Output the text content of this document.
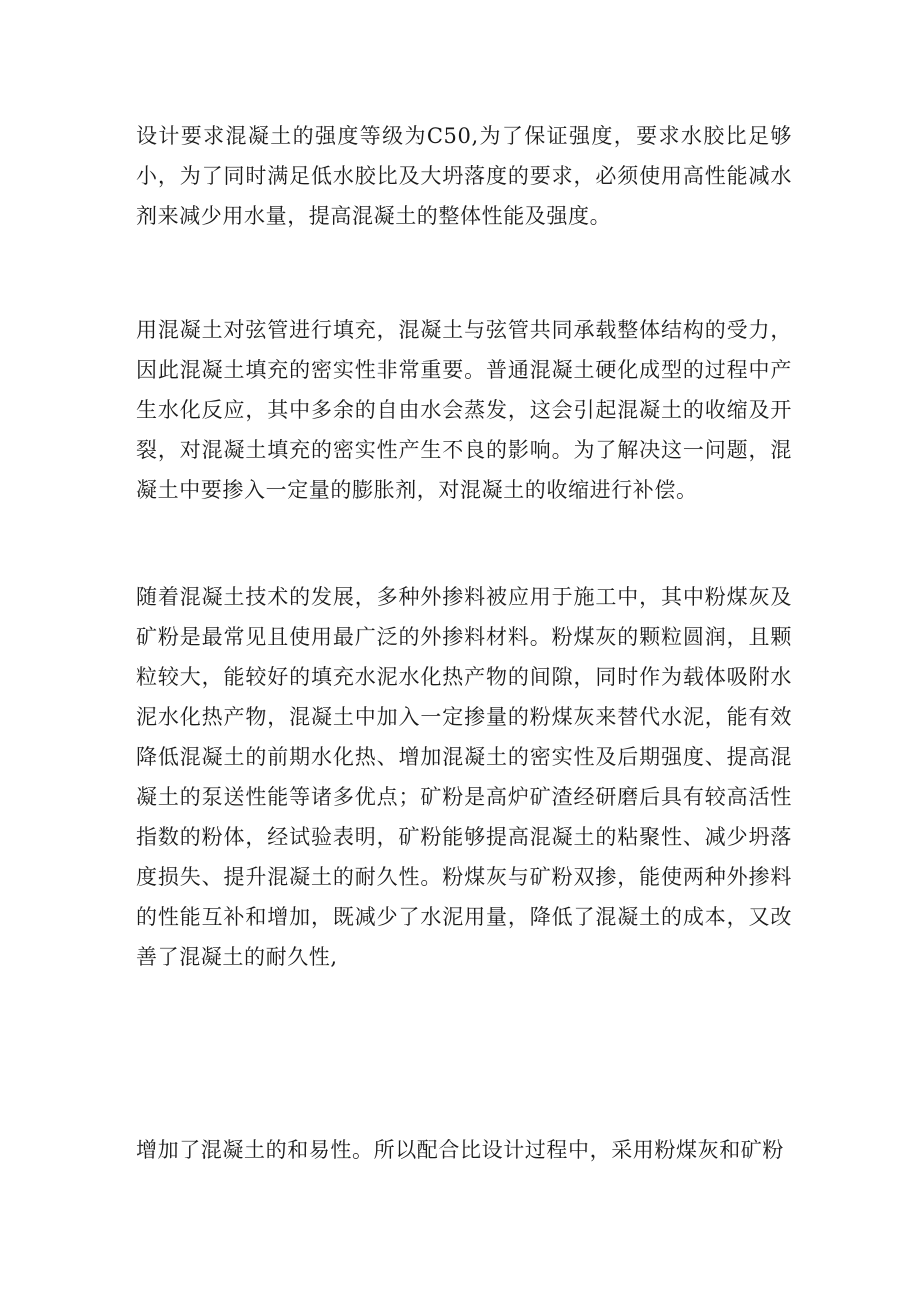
设计要求混凝土的强度等级为C50,为了保证强度，要求水胶比足够小，为了同时满足低水胶比及大坍落度的要求，必须使用高性能减水剂来减少用水量，提高混凝土的整体性能及强度。

用混凝土对弦管进行填充，混凝土与弦管共同承载整体结构的受力，因此混凝土填充的密实性非常重要。普通混凝土硬化成型的过程中产生水化反应，其中多余的自由水会蒸发，这会引起混凝土的收缩及开裂，对混凝土填充的密实性产生不良的影响。为了解决这一问题，混凝土中要掺入一定量的膨胀剂，对混凝土的收缩进行补偿。

随着混凝土技术的发展，多种外掺料被应用于施工中，其中粉煤灰及矿粉是最常见且使用最广泛的外掺料材料。粉煤灰的颗粒圆润，且颗粒较大，能较好的填充水泥水化热产物的间隙，同时作为载体吸附水泥水化热产物，混凝土中加入一定掺量的粉煤灰来替代水泥，能有效降低混凝土的前期水化热、增加混凝土的密实性及后期强度、提高混凝土的泵送性能等诸多优点；矿粉是高炉矿渣经研磨后具有较高活性指数的粉体，经试验表明，矿粉能够提高混凝土的粘聚性、减少坍落度损失、提升混凝土的耐久性。粉煤灰与矿粉双掺，能使两种外掺料的性能互补和增加，既减少了水泥用量，降低了混凝土的成本，又改善了混凝土的耐久性,

增加了混凝土的和易性。所以配合比设计过程中，采用粉煤灰和矿粉
